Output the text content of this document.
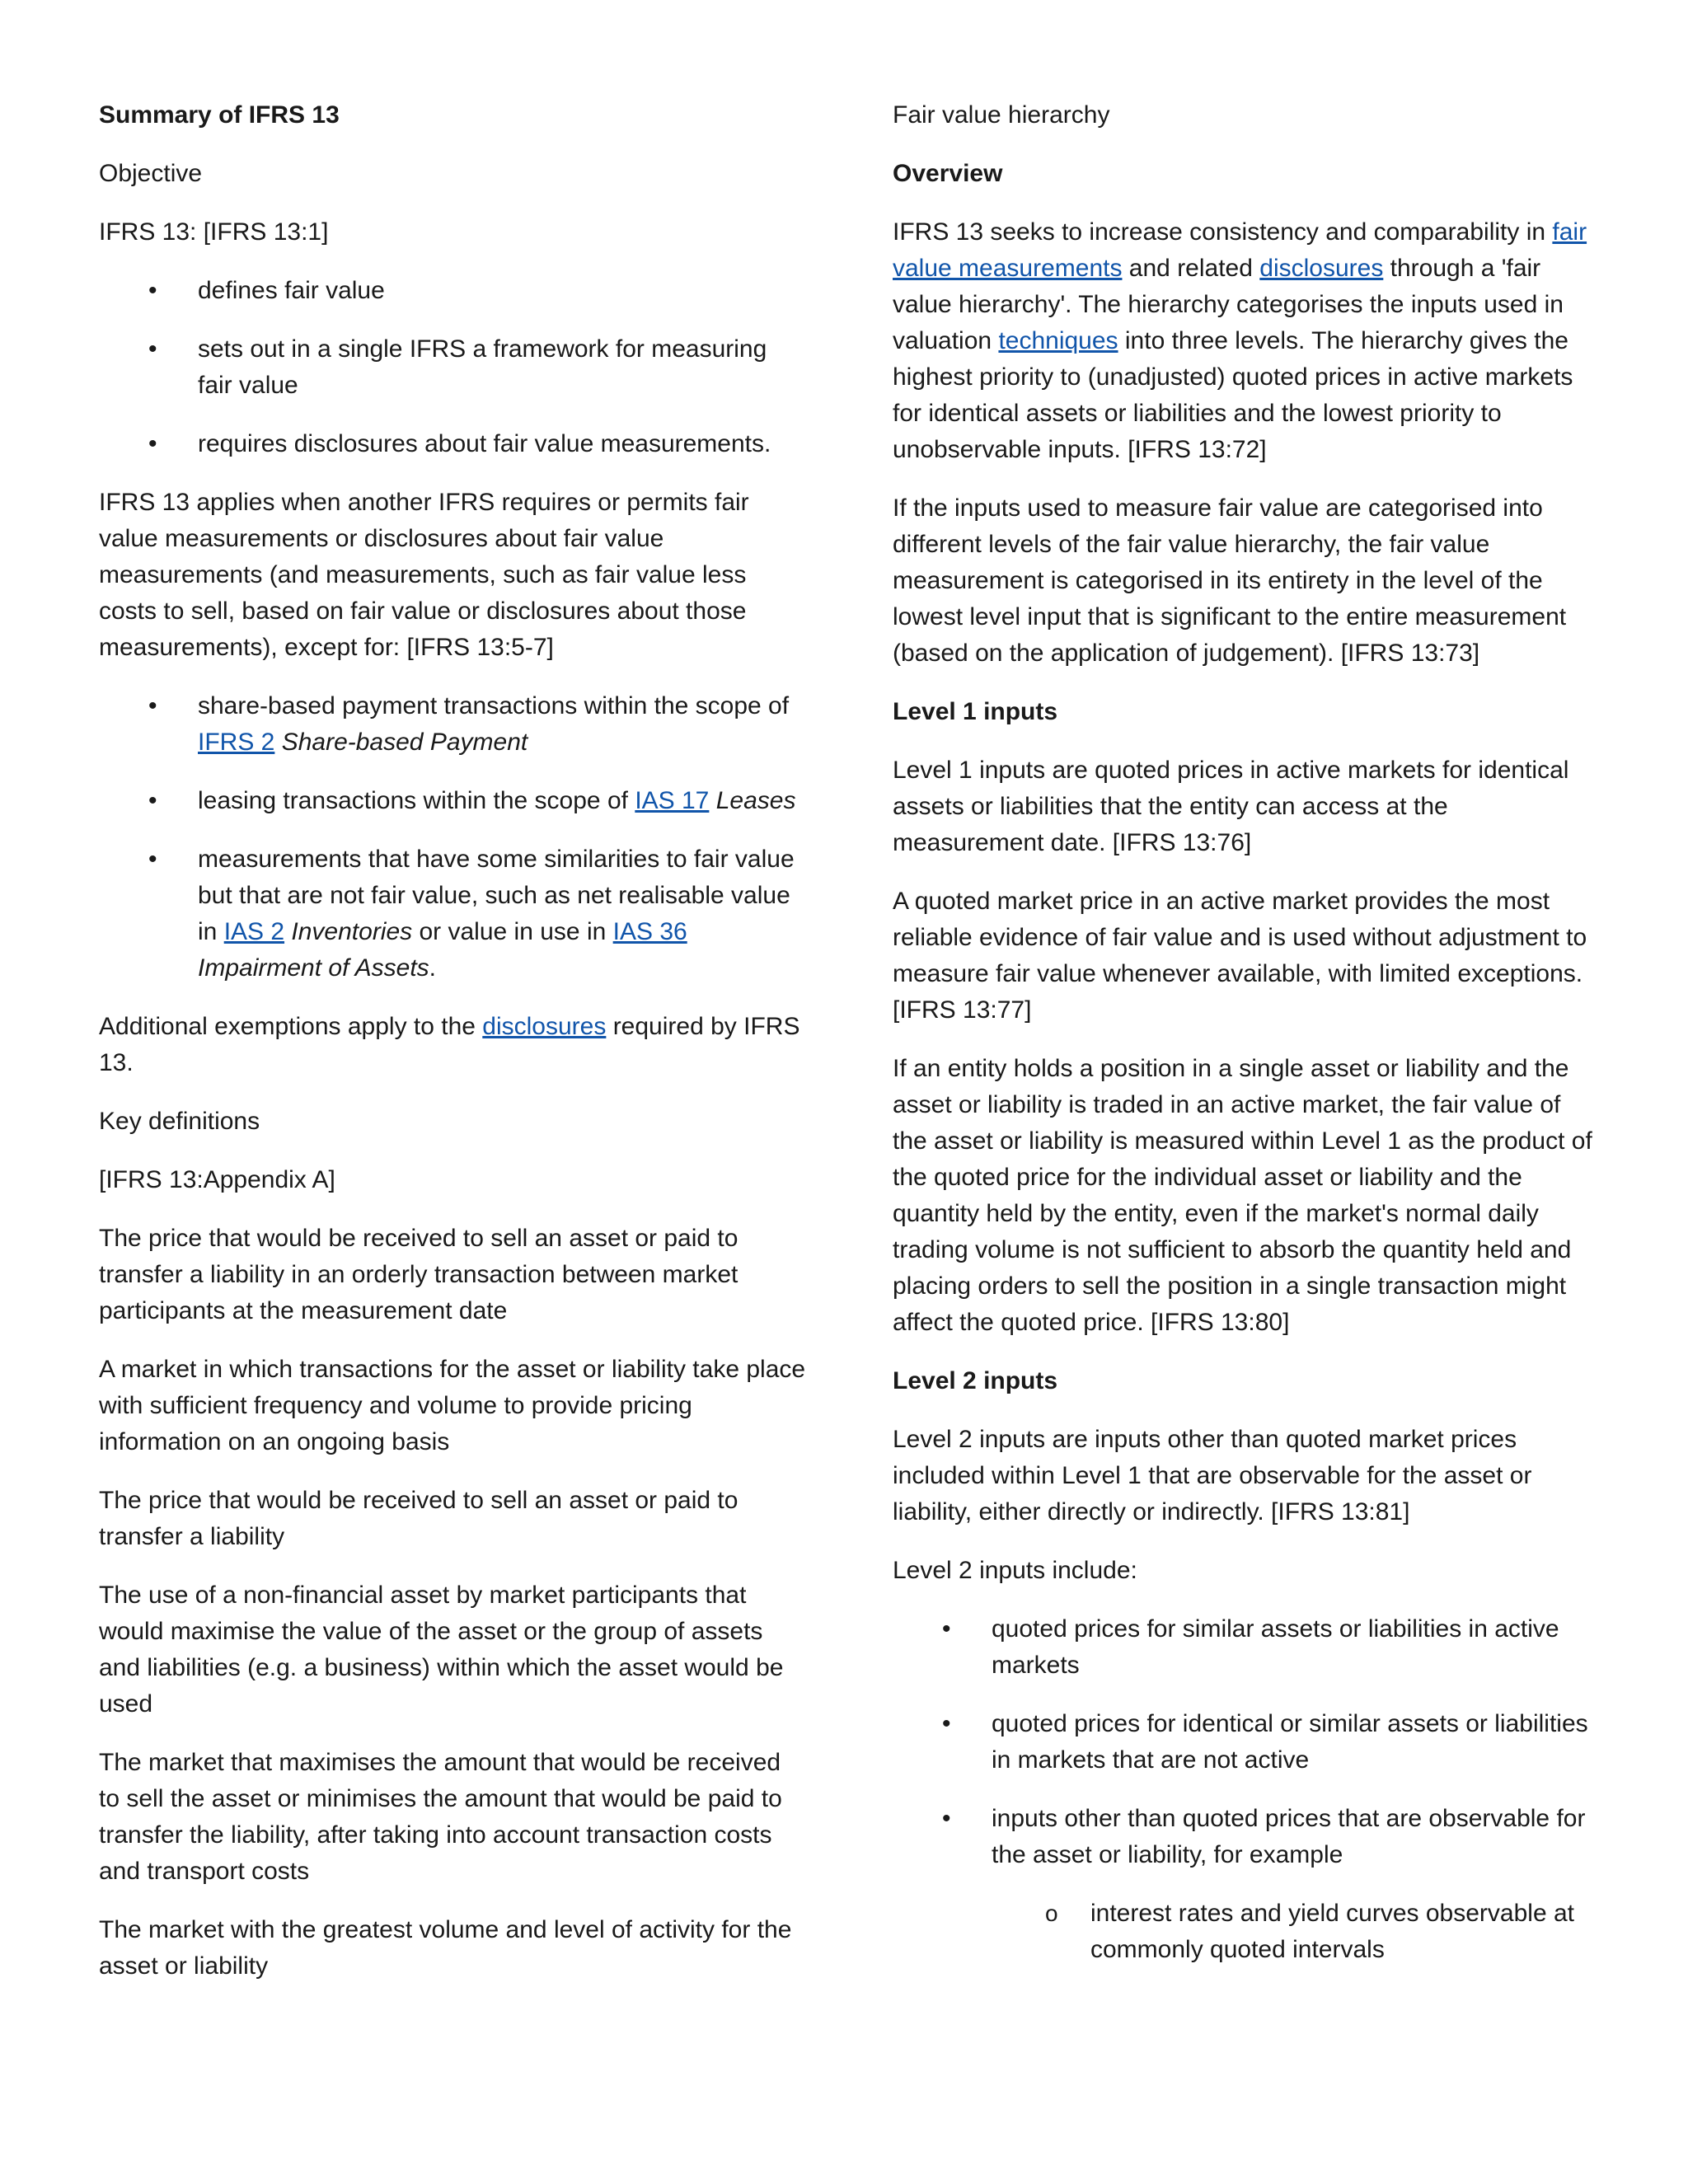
Summary of IFRS 13

Objective

IFRS 13: [IFRS 13:1]

• defines fair value
• sets out in a single IFRS a framework for measuring fair value
• requires disclosures about fair value measurements.

IFRS 13 applies when another IFRS requires or permits fair value measurements or disclosures about fair value measurements (and measurements, such as fair value less costs to sell, based on fair value or disclosures about those measurements), except for: [IFRS 13:5-7]

• share-based payment transactions within the scope of IFRS 2 Share-based Payment
• leasing transactions within the scope of IAS 17 Leases
• measurements that have some similarities to fair value but that are not fair value, such as net realisable value in IAS 2 Inventories or value in use in IAS 36 Impairment of Assets.

Additional exemptions apply to the disclosures required by IFRS 13.

Key definitions

[IFRS 13:Appendix A]

The price that would be received to sell an asset or paid to transfer a liability in an orderly transaction between market participants at the measurement date

A market in which transactions for the asset or liability take place with sufficient frequency and volume to provide pricing information on an ongoing basis

The price that would be received to sell an asset or paid to transfer a liability

The use of a non-financial asset by market participants that would maximise the value of the asset or the group of assets and liabilities (e.g. a business) within which the asset would be used

The market that maximises the amount that would be received to sell the asset or minimises the amount that would be paid to transfer the liability, after taking into account transaction costs and transport costs

The market with the greatest volume and level of activity for the asset or liability

Fair value hierarchy

Overview

IFRS 13 seeks to increase consistency and comparability in fair value measurements and related disclosures through a 'fair value hierarchy'. The hierarchy categorises the inputs used in valuation techniques into three levels. The hierarchy gives the highest priority to (unadjusted) quoted prices in active markets for identical assets or liabilities and the lowest priority to unobservable inputs. [IFRS 13:72]

If the inputs used to measure fair value are categorised into different levels of the fair value hierarchy, the fair value measurement is categorised in its entirety in the level of the lowest level input that is significant to the entire measurement (based on the application of judgement). [IFRS 13:73]

Level 1 inputs

Level 1 inputs are quoted prices in active markets for identical assets or liabilities that the entity can access at the measurement date. [IFRS 13:76]

A quoted market price in an active market provides the most reliable evidence of fair value and is used without adjustment to measure fair value whenever available, with limited exceptions. [IFRS 13:77]

If an entity holds a position in a single asset or liability and the asset or liability is traded in an active market, the fair value of the asset or liability is measured within Level 1 as the product of the quoted price for the individual asset or liability and the quantity held by the entity, even if the market's normal daily trading volume is not sufficient to absorb the quantity held and placing orders to sell the position in a single transaction might affect the quoted price. [IFRS 13:80]

Level 2 inputs

Level 2 inputs are inputs other than quoted market prices included within Level 1 that are observable for the asset or liability, either directly or indirectly. [IFRS 13:81]

Level 2 inputs include:

• quoted prices for similar assets or liabilities in active markets
• quoted prices for identical or similar assets or liabilities in markets that are not active
• inputs other than quoted prices that are observable for the asset or liability, for example
o interest rates and yield curves observable at commonly quoted intervals
